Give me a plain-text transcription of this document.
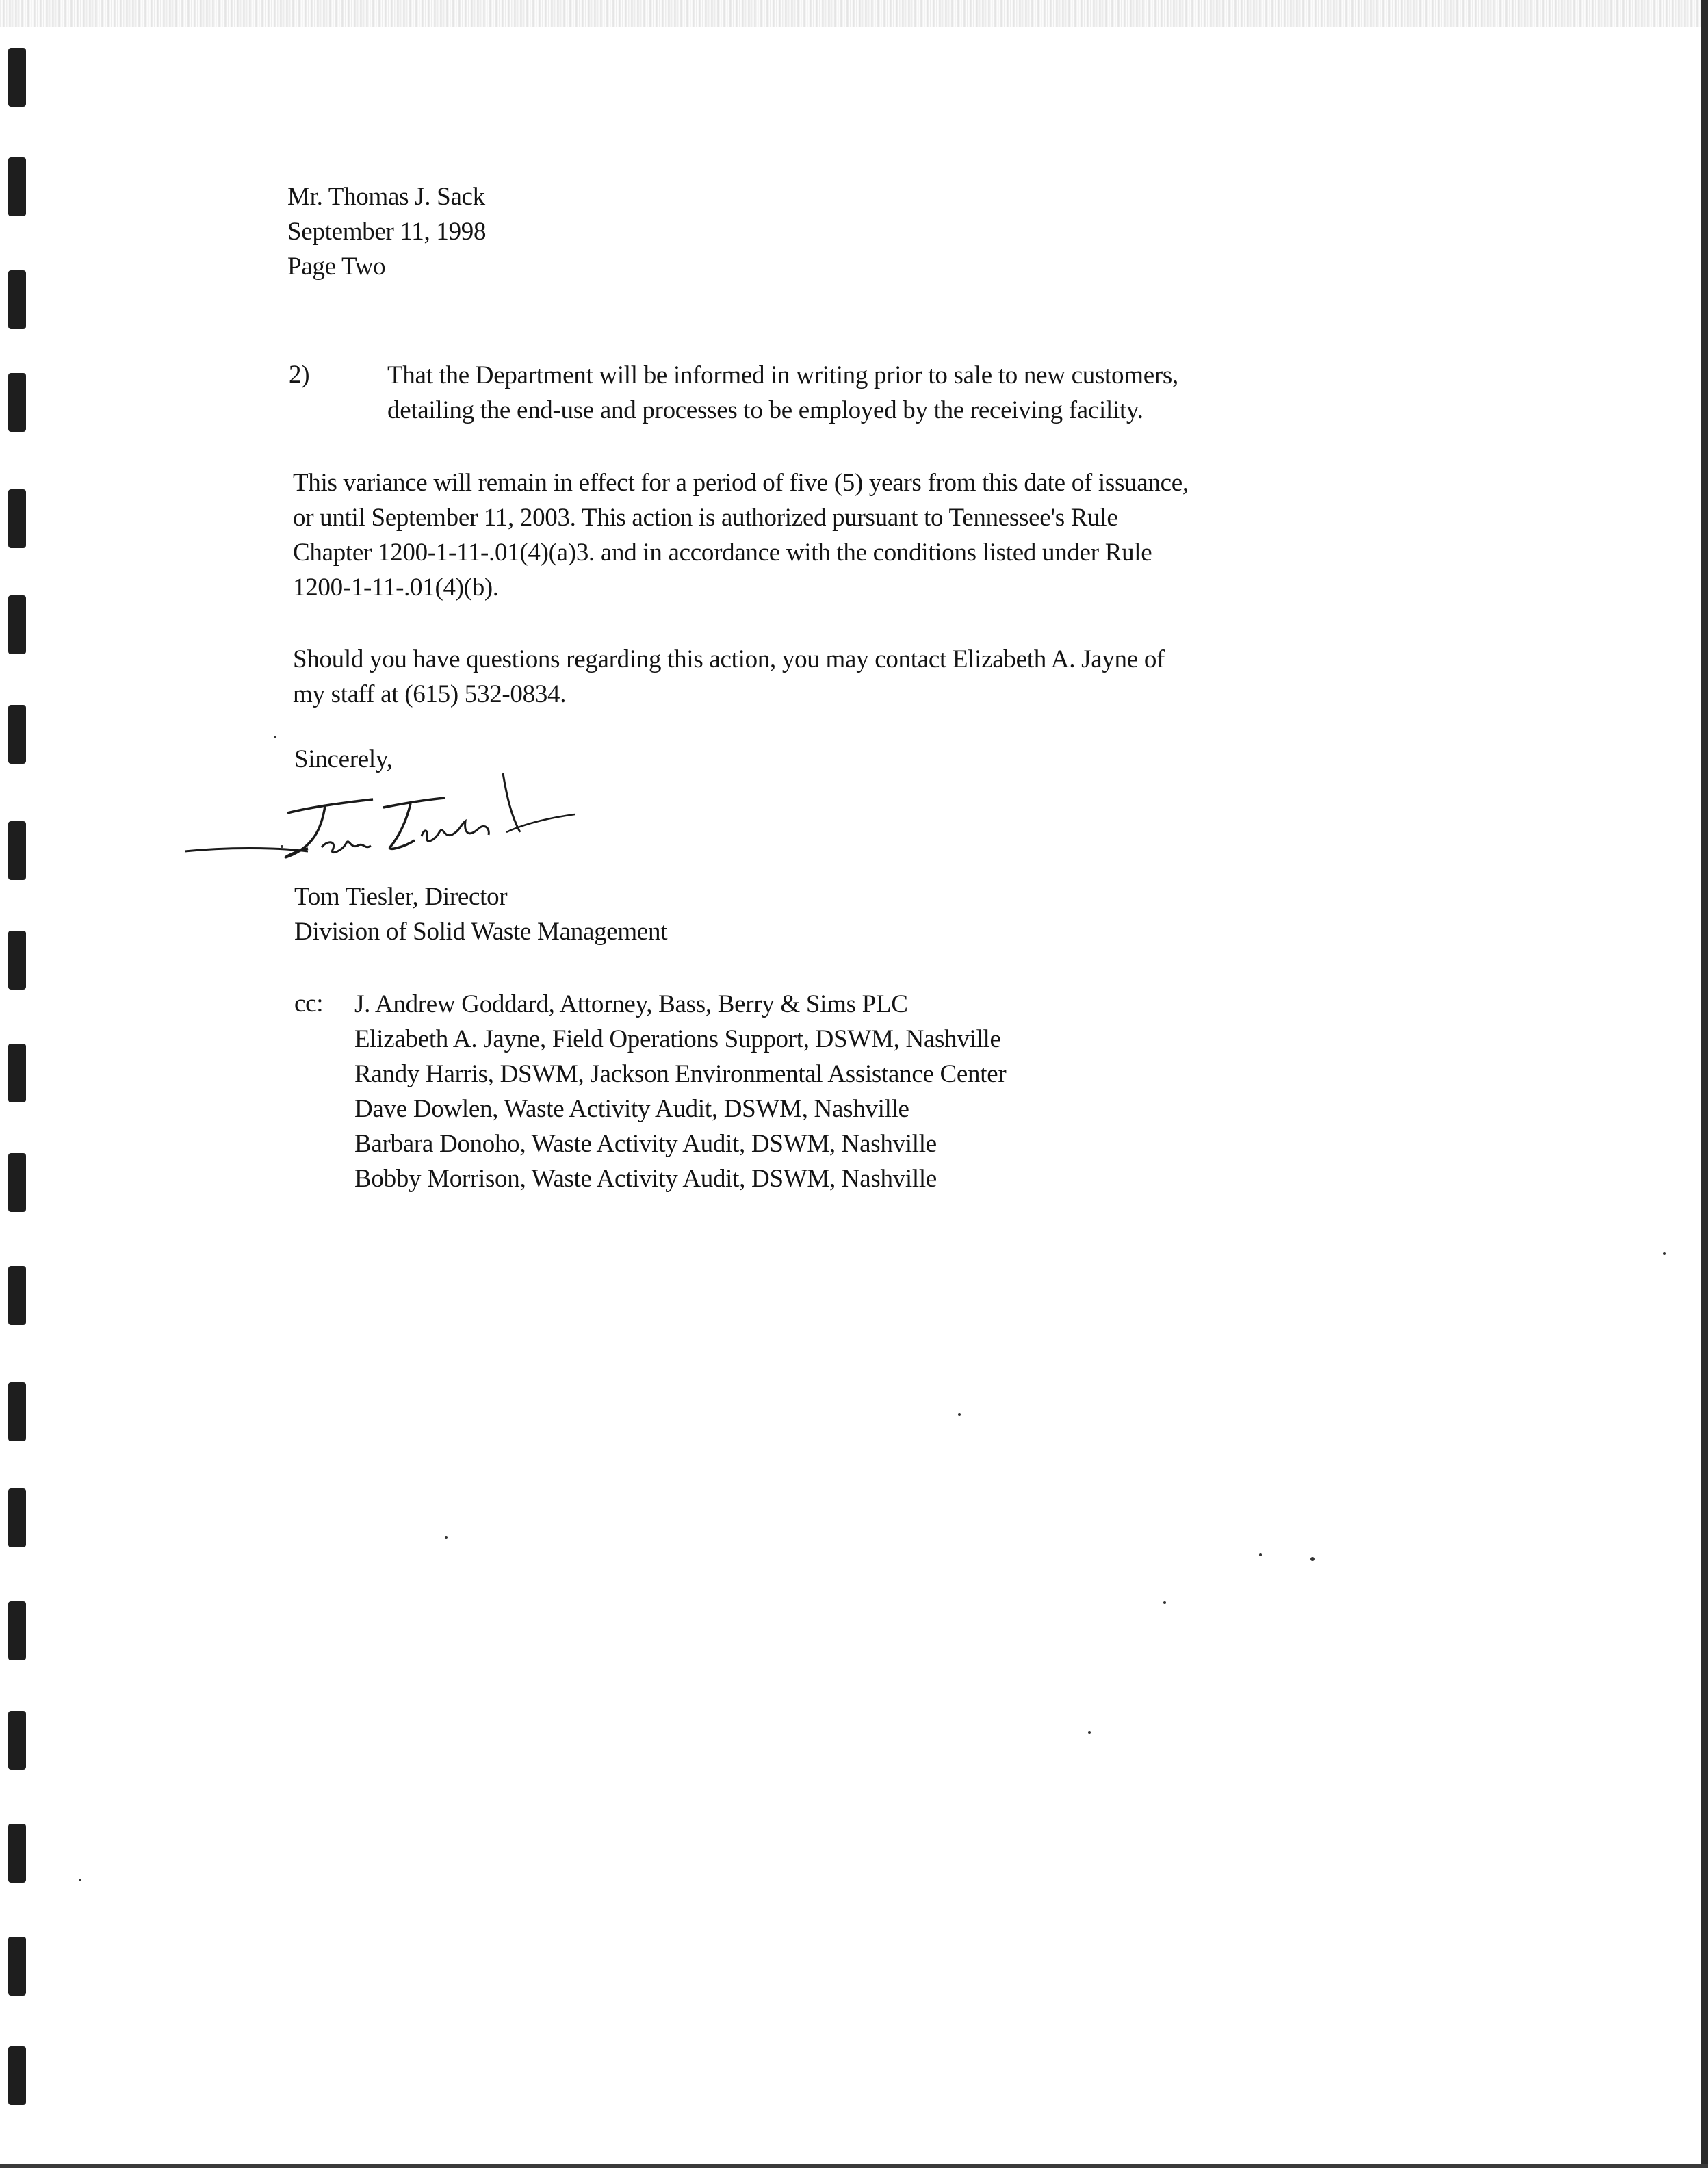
Mr. Thomas J. Sack
September 11, 1998
Page Two
2)	That the Department will be informed in writing prior to sale to new customers,
detailing the end-use and processes to be employed by the receiving facility.
This variance will remain in effect for a period of five (5) years from this date of issuance,
or until September 11, 2003. This action is authorized pursuant to Tennessee's Rule
Chapter 1200-1-11-.01(4)(a)3. and in accordance with the conditions listed under Rule
1200-1-11-.01(4)(b).
Should you have questions regarding this action, you may contact Elizabeth A. Jayne of
my staff at (615) 532-0834.
Sincerely,
Tom Tiesler, Director
Division of Solid Waste Management
cc: J. Andrew Goddard, Attorney, Bass, Berry & Sims PLC
Elizabeth A. Jayne, Field Operations Support, DSWM, Nashville
Randy Harris, DSWM, Jackson Environmental Assistance Center
Dave Dowlen, Waste Activity Audit, DSWM, Nashville
Barbara Donoho, Waste Activity Audit, DSWM, Nashville
Bobby Morrison, Waste Activity Audit, DSWM, Nashville
